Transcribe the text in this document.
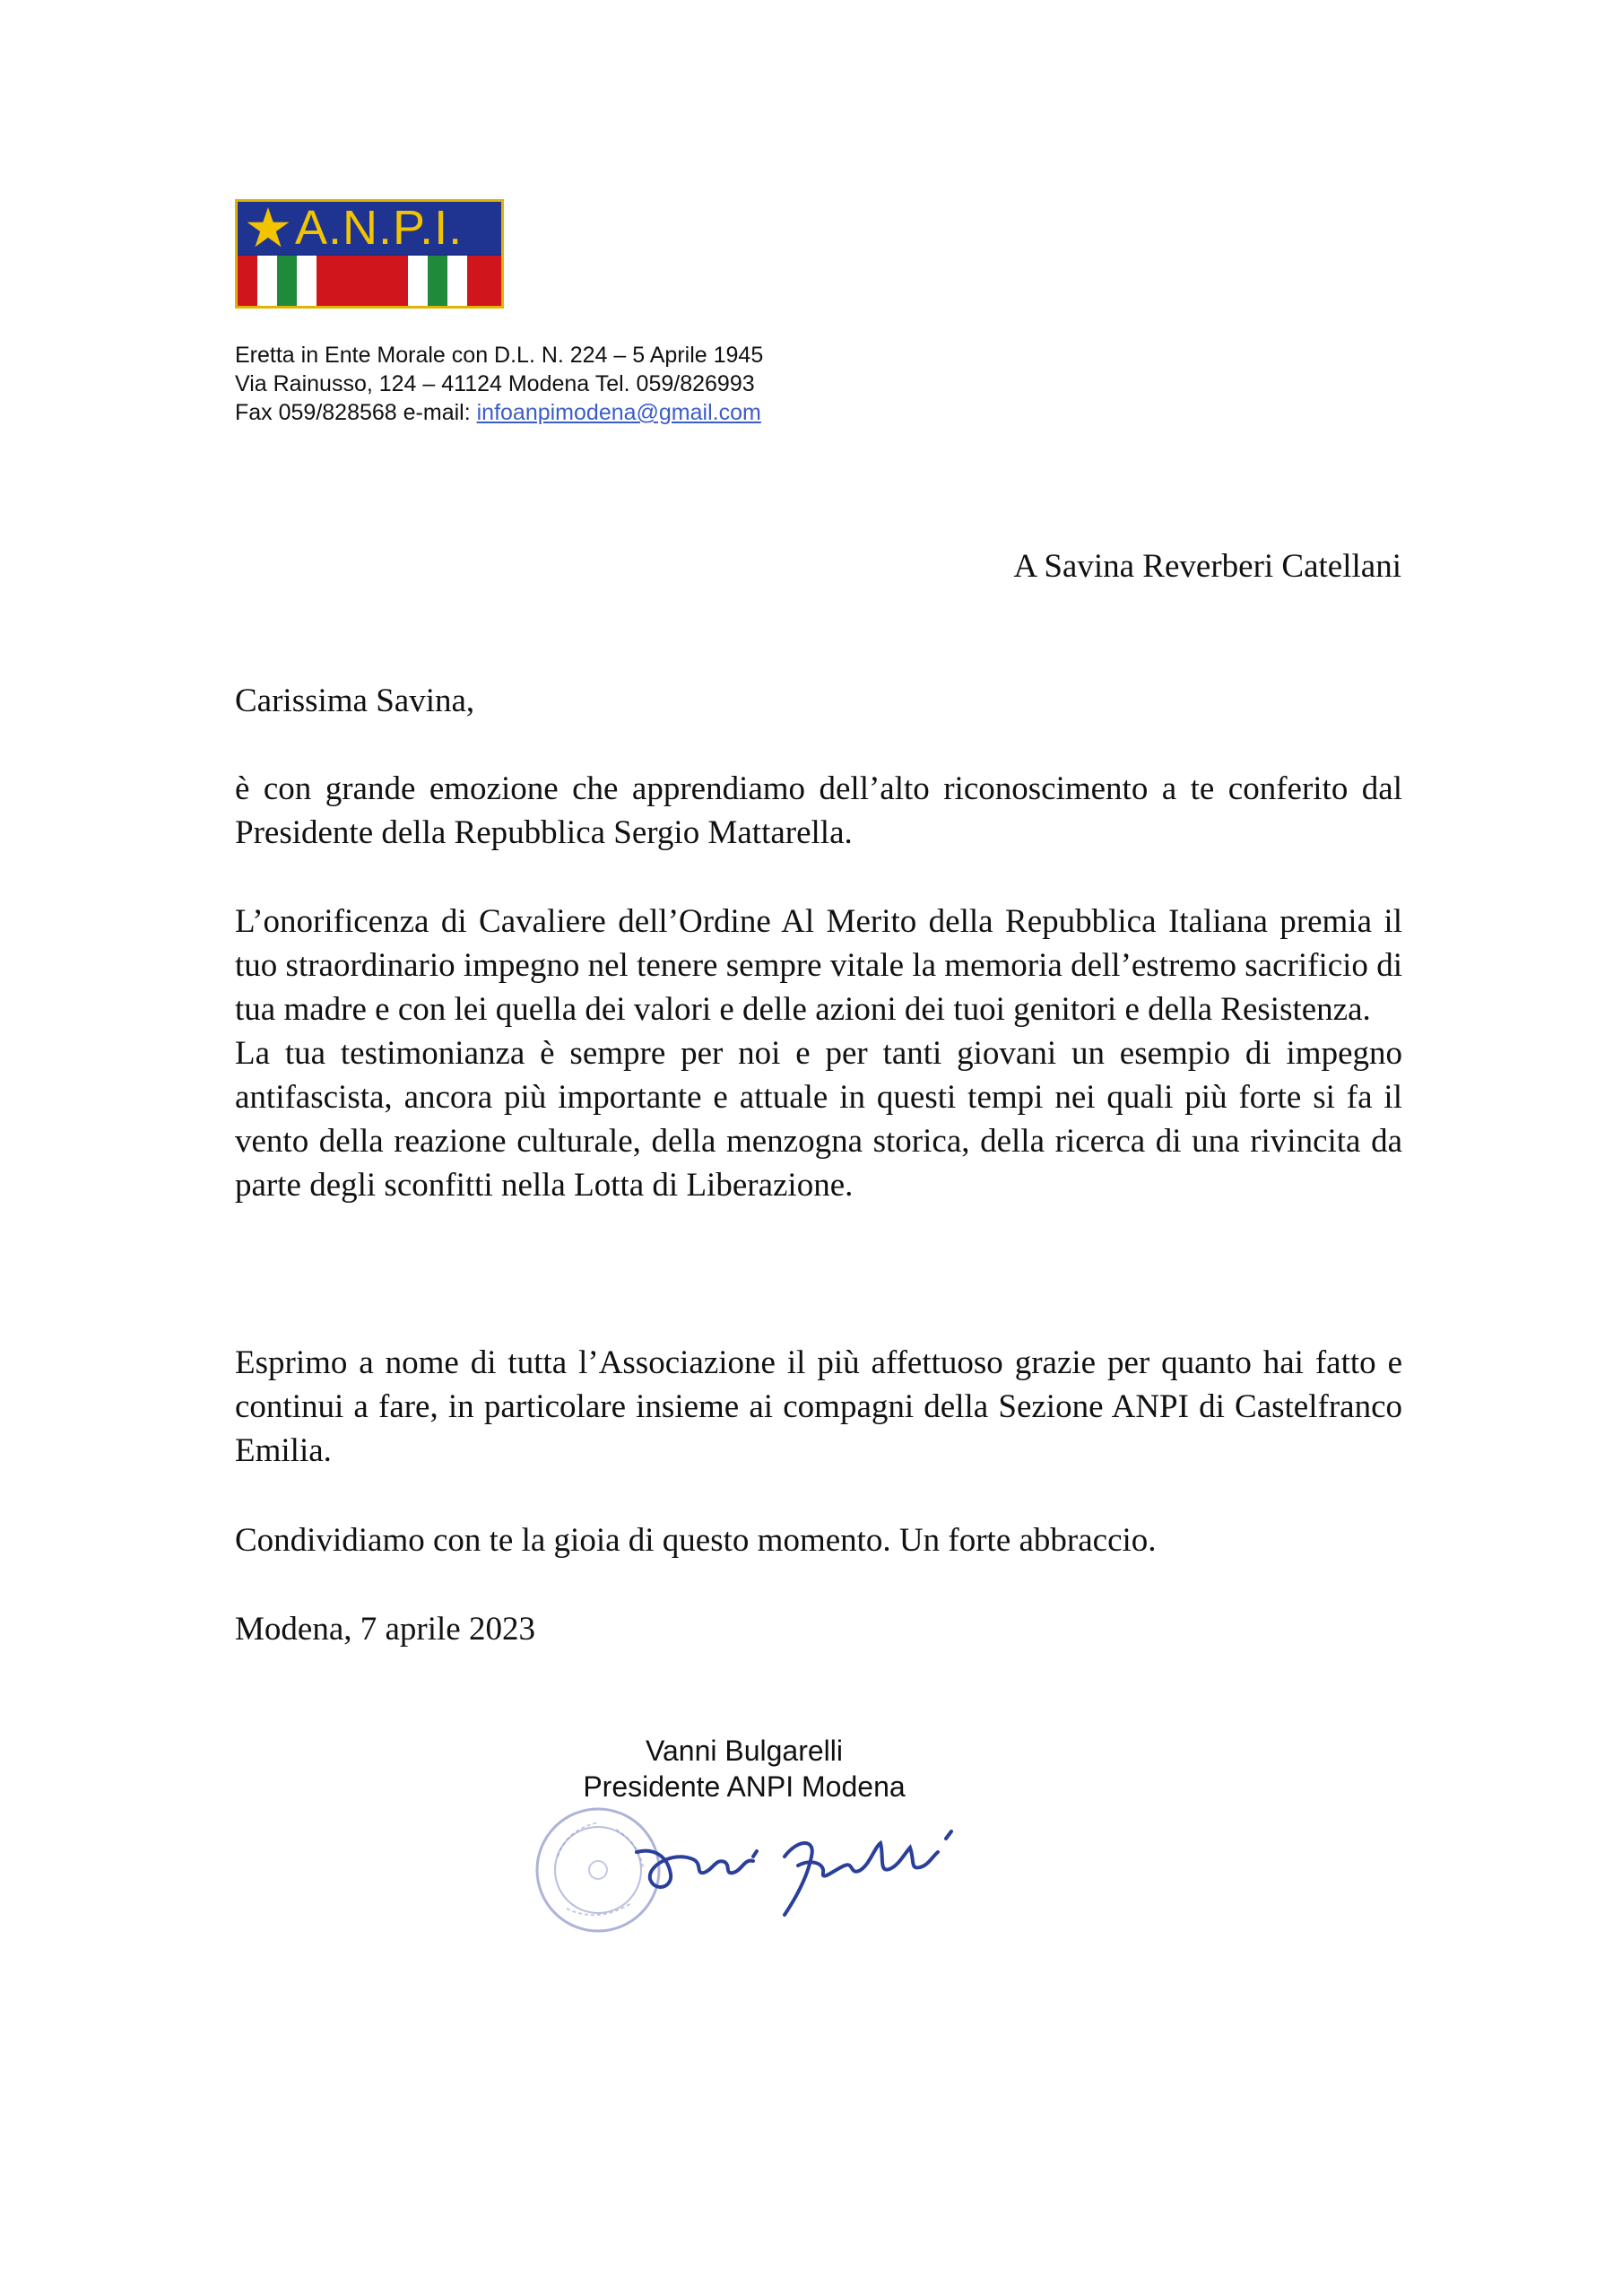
A.N.P.I.
Eretta in Ente Morale con D.L. N. 224 – 5 Aprile 1945
Via Rainusso, 124 – 41124 Modena Tel. 059/826993
Fax 059/828568 e-mail: infoanpimodena@gmail.com
A Savina Reverberi Catellani

Carissima Savina,

è con grande emozione che apprendiamo dell’alto riconoscimento a te conferito dal Presidente della Repubblica Sergio Mattarella.

L’onorificenza di Cavaliere dell’Ordine Al Merito della Repubblica Italiana premia il tuo straordinario impegno nel tenere sempre vitale la memoria dell’estremo sacrificio di tua madre e con lei quella dei valori e delle azioni dei tuoi genitori e della Resistenza.

La tua testimonianza è sempre per noi e per tanti giovani un esempio di impegno antifascista, ancora più importante e attuale in questi tempi nei quali più forte si fa il vento della reazione culturale, della menzogna storica, della ricerca di una rivincita da parte degli sconfitti nella Lotta di Liberazione.

Esprimo a nome di tutta l’Associazione il più affettuoso grazie per quanto hai fatto e continui a fare, in particolare insieme ai compagni della Sezione ANPI di Castelfranco Emilia.

Condividiamo con te la gioia di questo momento. Un forte abbraccio.

Modena, 7 aprile 2023

Vanni Bulgarelli
Presidente ANPI Modena
